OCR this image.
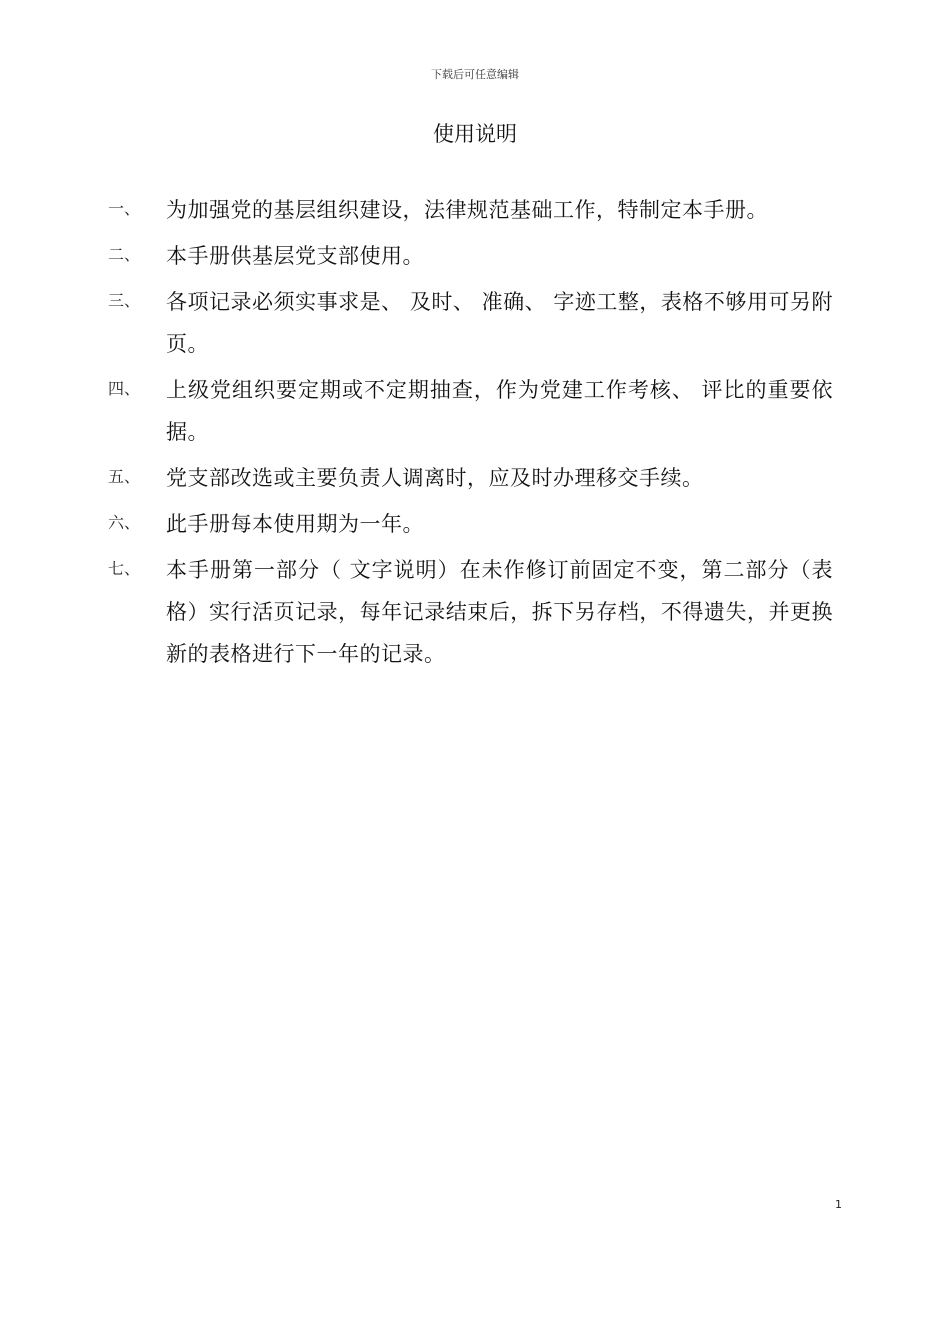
下载后可任意编辑
使用说明
一、	为加强党的基层组织建设，法律规范基础工作，特制定本手册。
二、	本手册供基层党支部使用。
三、	各项记录必须实事求是、 及时、 准确、 字迹工整，表格不够用可另附页。
四、	上级党组织要定期或不定期抽查，作为党建工作考核、 评比的重要依据。
五、	党支部改选或主要负责人调离时，应及时办理移交手续。
六、	此手册每本使用期为一年。
七、	本手册第一部分（ 文字说明）在未作修订前固定不变，第二部分（表格）实行活页记录，每年记录结束后，拆下另存档，不得遗失，并更换新的表格进行下一年的记录。
1
